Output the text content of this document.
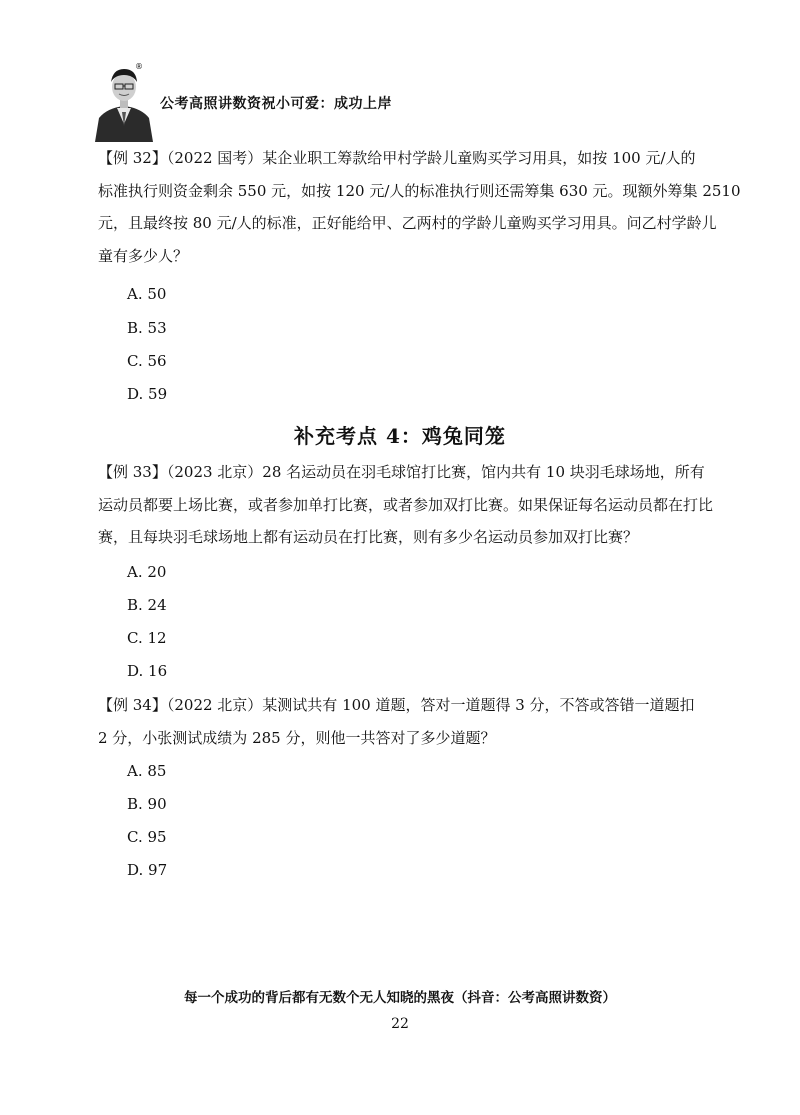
®
公考高照讲数资祝小可爱：成功上岸
【例 32】（2022 国考）某企业职工筹款给甲村学龄儿童购买学习用具，如按 100 元/人的
标准执行则资金剩余 550 元，如按 120 元/人的标准执行则还需筹集 630 元。现额外筹集 2510
元，且最终按 80 元/人的标准，正好能给甲、乙两村的学龄儿童购买学习用具。问乙村学龄儿
童有多少人？
A. 50
B. 53
C. 56
D. 59
补充考点 4：鸡兔同笼
【例 33】（2023 北京）28 名运动员在羽毛球馆打比赛，馆内共有 10 块羽毛球场地，所有
运动员都要上场比赛，或者参加单打比赛，或者参加双打比赛。如果保证每名运动员都在打比
赛，且每块羽毛球场地上都有运动员在打比赛，则有多少名运动员参加双打比赛？
A. 20
B. 24
C. 12
D. 16
【例 34】（2022 北京）某测试共有 100 道题，答对一道题得 3 分，不答或答错一道题扣
2 分，小张测试成绩为 285 分，则他一共答对了多少道题？
A. 85
B. 90
C. 95
D. 97
每一个成功的背后都有无数个无人知晓的黑夜（抖音：公考高照讲数资）
22
